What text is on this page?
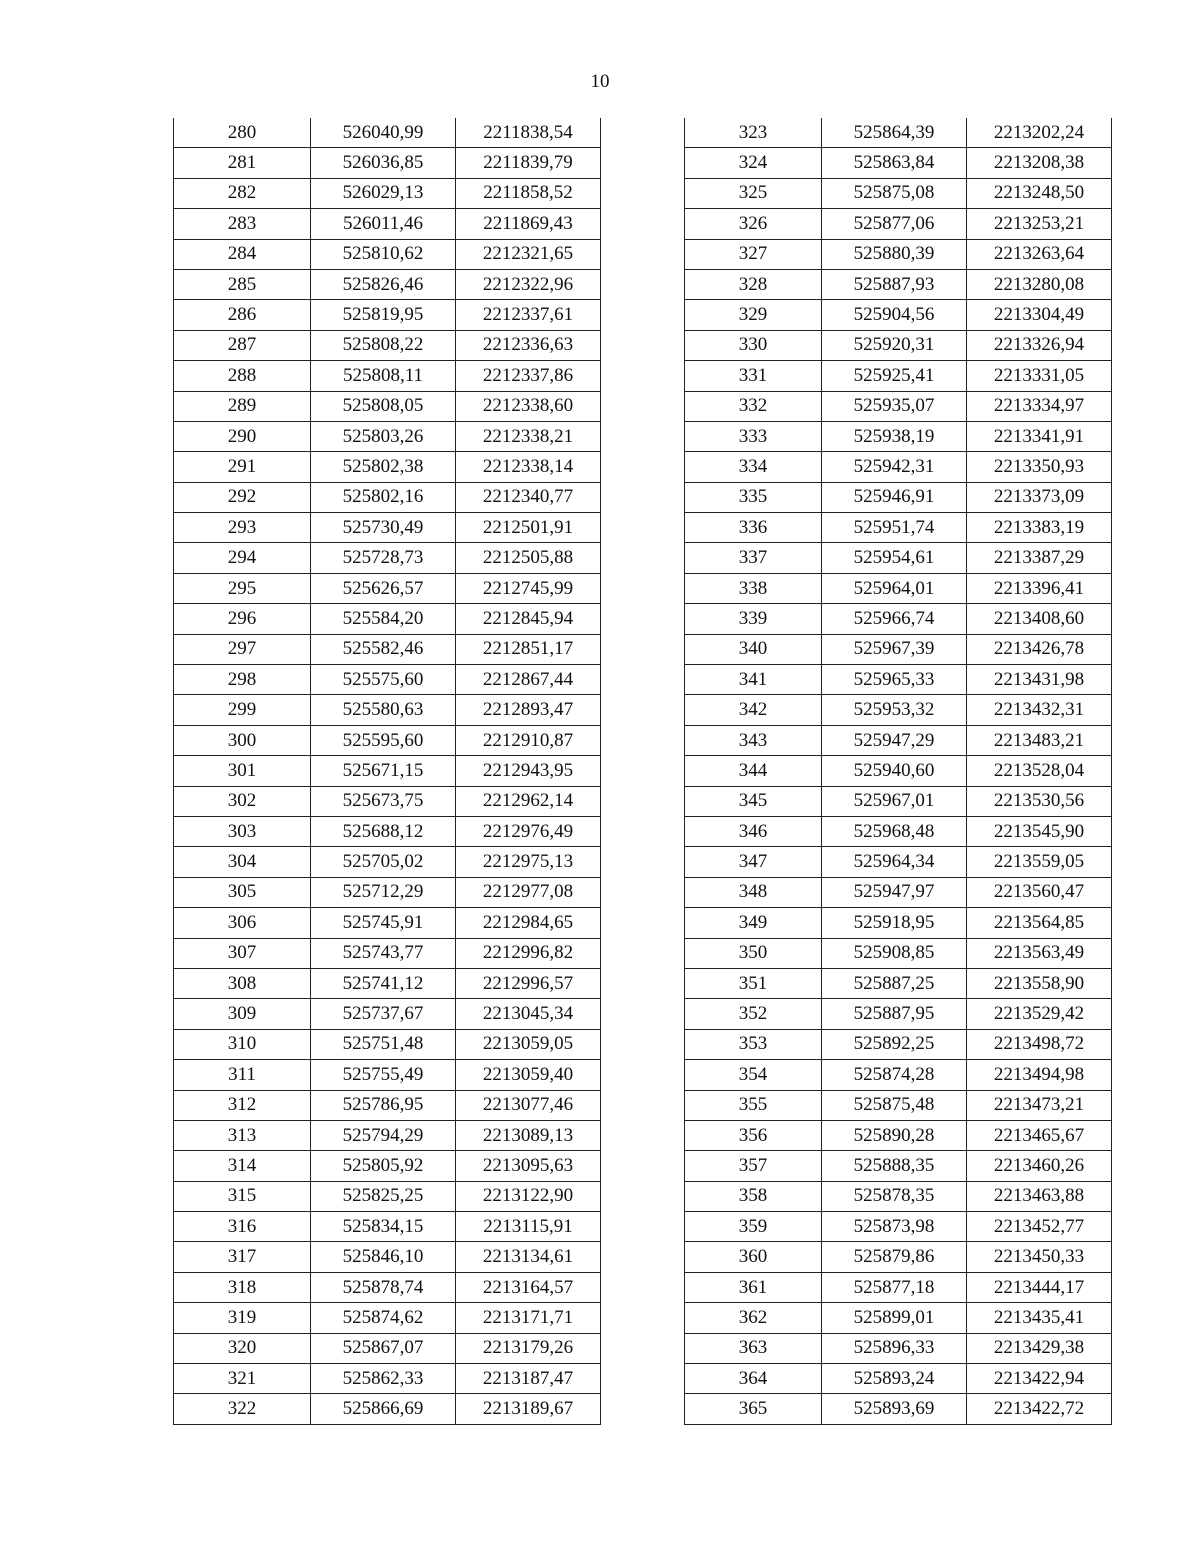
10
280	526040,99	2211838,54
281	526036,85	2211839,79
282	526029,13	2211858,52
283	526011,46	2211869,43
284	525810,62	2212321,65
285	525826,46	2212322,96
286	525819,95	2212337,61
287	525808,22	2212336,63
288	525808,11	2212337,86
289	525808,05	2212338,60
290	525803,26	2212338,21
291	525802,38	2212338,14
292	525802,16	2212340,77
293	525730,49	2212501,91
294	525728,73	2212505,88
295	525626,57	2212745,99
296	525584,20	2212845,94
297	525582,46	2212851,17
298	525575,60	2212867,44
299	525580,63	2212893,47
300	525595,60	2212910,87
301	525671,15	2212943,95
302	525673,75	2212962,14
303	525688,12	2212976,49
304	525705,02	2212975,13
305	525712,29	2212977,08
306	525745,91	2212984,65
307	525743,77	2212996,82
308	525741,12	2212996,57
309	525737,67	2213045,34
310	525751,48	2213059,05
311	525755,49	2213059,40
312	525786,95	2213077,46
313	525794,29	2213089,13
314	525805,92	2213095,63
315	525825,25	2213122,90
316	525834,15	2213115,91
317	525846,10	2213134,61
318	525878,74	2213164,57
319	525874,62	2213171,71
320	525867,07	2213179,26
321	525862,33	2213187,47
322	525866,69	2213189,67
323	525864,39	2213202,24
324	525863,84	2213208,38
325	525875,08	2213248,50
326	525877,06	2213253,21
327	525880,39	2213263,64
328	525887,93	2213280,08
329	525904,56	2213304,49
330	525920,31	2213326,94
331	525925,41	2213331,05
332	525935,07	2213334,97
333	525938,19	2213341,91
334	525942,31	2213350,93
335	525946,91	2213373,09
336	525951,74	2213383,19
337	525954,61	2213387,29
338	525964,01	2213396,41
339	525966,74	2213408,60
340	525967,39	2213426,78
341	525965,33	2213431,98
342	525953,32	2213432,31
343	525947,29	2213483,21
344	525940,60	2213528,04
345	525967,01	2213530,56
346	525968,48	2213545,90
347	525964,34	2213559,05
348	525947,97	2213560,47
349	525918,95	2213564,85
350	525908,85	2213563,49
351	525887,25	2213558,90
352	525887,95	2213529,42
353	525892,25	2213498,72
354	525874,28	2213494,98
355	525875,48	2213473,21
356	525890,28	2213465,67
357	525888,35	2213460,26
358	525878,35	2213463,88
359	525873,98	2213452,77
360	525879,86	2213450,33
361	525877,18	2213444,17
362	525899,01	2213435,41
363	525896,33	2213429,38
364	525893,24	2213422,94
365	525893,69	2213422,72
